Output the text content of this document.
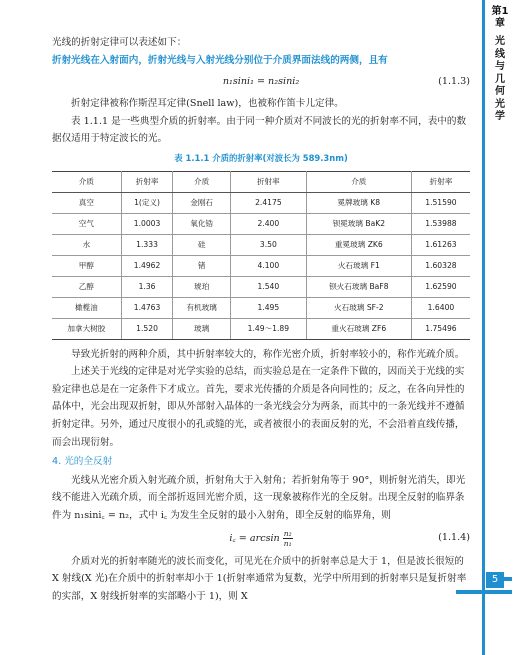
光线的折射定律可以表述如下：

折射光线在入射面内，折射光线与入射光线分别位于介质界面法线的两侧，且有

n₁sini₁ = n₂sini₂	(1.1.3)

折射定律被称作斯涅耳定律(Snell law)，也被称作笛卡儿定律。

表 1.1.1 是一些典型介质的折射率。由于同一种介质对不同波长的光的折射率不同，表中的数据仅适用于特定波长的光。

表 1.1.1 介质的折射率(对波长为 589.3nm)
介质	折射率	介质	折射率	介质	折射率
真空	1(定义)	金刚石	2.4175	冕牌玻璃 K8	1.51590
空气	1.0003	氧化锆	2.400	钡冕玻璃 BaK2	1.53988
水	1.333	硅	3.50	重冕玻璃 ZK6	1.61263
甲醇	1.4962	锗	4.100	火石玻璃 F1	1.60328
乙醇	1.36	琥珀	1.540	钡火石玻璃 BaF8	1.62590
橄榄油	1.4763	有机玻璃	1.495	火石玻璃 SF-2	1.6400
加拿大树胶	1.520	玻璃	1.49～1.89	重火石玻璃 ZF6	1.75496

导致光折射的两种介质，其中折射率较大的，称作光密介质，折射率较小的，称作光疏介质。

上述关于光线的定律是对光学实验的总结，而实验总是在一定条件下做的，因而关于光线的实验定律也总是在一定条件下才成立。首先，要求光传播的介质是各向同性的；反之，在各向异性的晶体中，光会出现双折射，即从外部射入晶体的一条光线会分为两条，而其中的一条光线并不遵循折射定律。另外，通过尺度很小的孔或缝的光，或者被很小的表面反射的光，不会沿着直线传播，而会出现衍射。

4. 光的全反射

光线从光密介质入射光疏介质，折射角大于入射角；若折射角等于 90°，则折射光消失，即光线不能进入光疏介质，而全部折返回光密介质，这一现象被称作光的全反射。出现全反射的临界条件为 n₁sini꜀ = n₂，式中 i꜀ 为发生全反射的最小入射角，即全反射的临界角，则

i꜀ = $\arcsin \frac{\text{n₂}}{\text{n₁}}$	(1.1.4)

介质对光的折射率随光的波长而变化，可见光在介质中的折射率总是大于 1，但是波长很短的 X 射线(X 光)在介质中的折射率却小于 1(折射率通常为复数，光学中所用到的折射率只是复折射率的实部，X 射线折射率的实部略小于 1)，则 X

第1章
光
线
与
几
何
光
学
5
